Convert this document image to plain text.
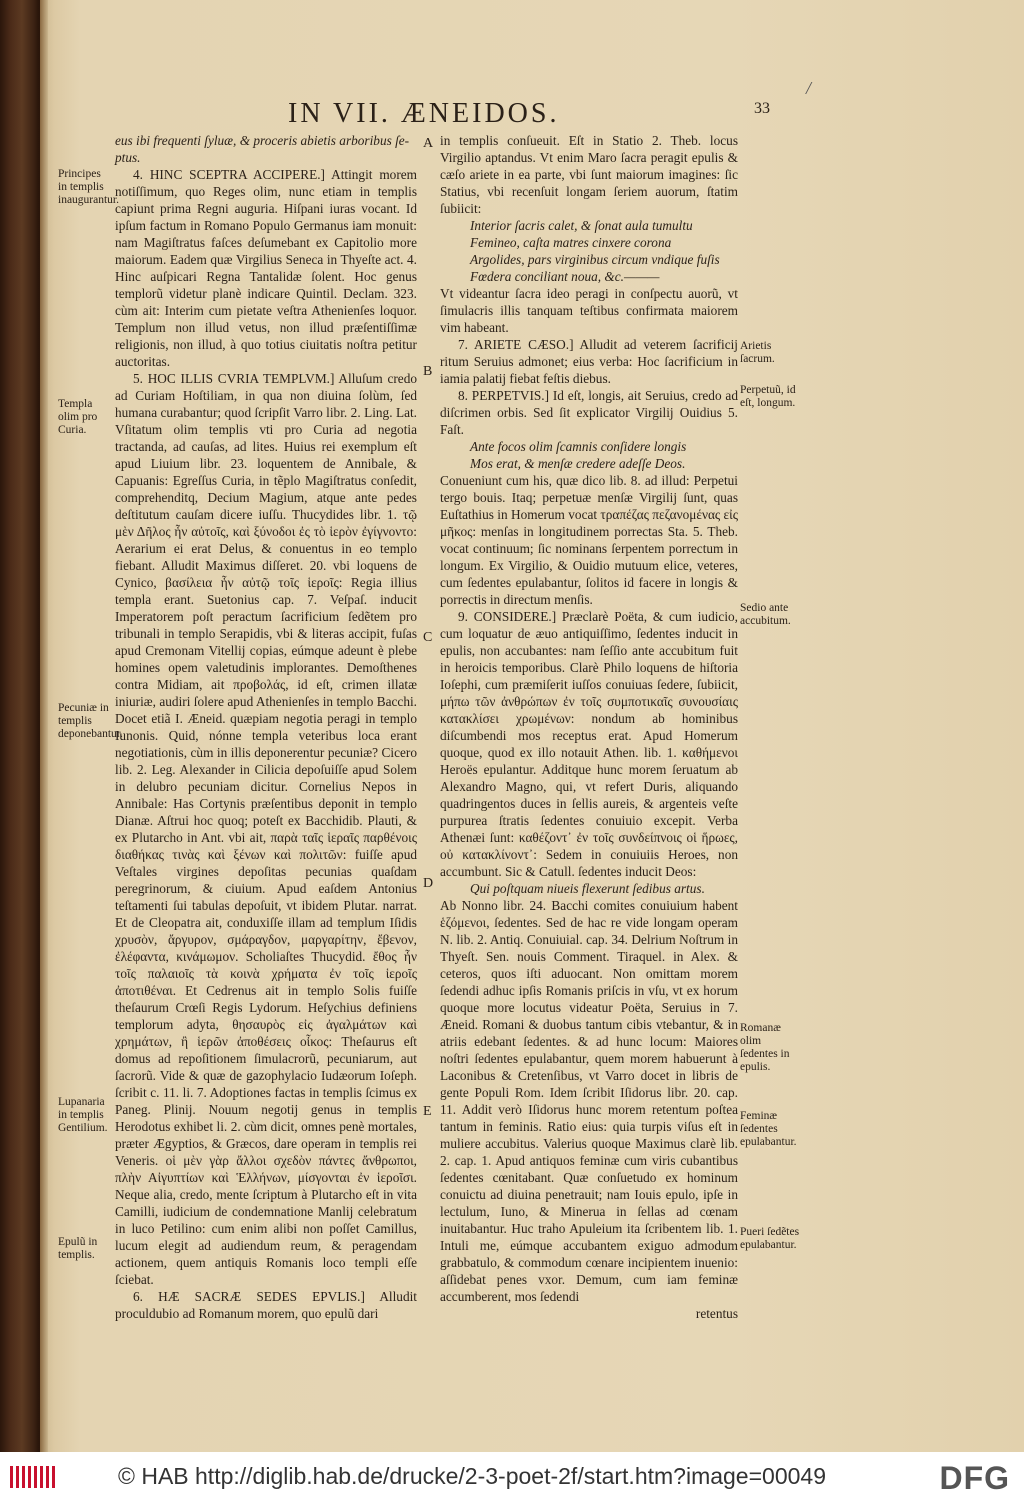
IN VII. ÆNEIDOS.	33
/

eus ibi frequenti ſyluæ, & proceris abietis arboribus ſe-

ptus.

4. HINC SCEPTRA ACCIPERE.] Attingit morem notiſſimum, quo Reges olim, nunc etiam in templis capiunt prima Regni auguria. Hiſpani iuras vocant. Id ipſum factum in Romano Populo Germanus iam monuit: nam Magiſtratus faſces deſumebant ex Capitolio more maiorum. Eadem quæ Virgilius Seneca in Thyeſte act. 4. Hinc auſpicari Regna Tantalidæ ſolent. Hoc genus templorũ videtur planè indicare Quintil. Declam. 323. cùm ait: Interim cum pietate veſtra Athenienſes loquor. Templum non illud vetus, non illud præſentiſſimæ religionis, non illud, à quo totius ciuitatis noſtra petitur auctoritas.

5. HOC ILLIS CVRIA TEMPLVM.] Alluſum credo ad Curiam Hoſtiliam, in qua non diuina ſolùm, ſed humana curabantur; quod ſcripſit Varro libr. 2. Ling. Lat. Vſitatum olim templis vti pro Curia ad negotia tractanda, ad cauſas, ad lites. Huius rei exemplum eſt apud Liuium libr. 23. loquentem de Annibale, & Capuanis: Egreſſus Curia, in tẽplo Magiſtratus conſedit, comprehenditq, Decium Magium, atque ante pedes deſtitutum cauſam dicere iuſſu. Thucydides libr. 1. τῷ μὲν Δῆλος ἦν αὐτοῖς, καὶ ξύνοδοι ἐς τὸ ἱερὸν ἐγίγνοντο: Aerarium ei erat Delus, & conuentus in eo templo fiebant. Alludit Maximus diſſeret. 20. vbi loquens de Cynico, βασίλεια ἦν αὐτῷ τοῖς ἱεροῖς: Regia illius templa erant. Suetonius cap. 7. Veſpaſ. inducit Imperatorem poſt peractum ſacrificium ſedẽtem pro tribunali in templo Serapidis, vbi & literas accipit, fuſas apud Cremonam Vitellij copias, eúmque adeunt è plebe homines opem valetudinis implorantes. Demoſthenes contra Midiam, ait προβολάς, id eſt, crimen illatæ iniuriæ, audiri ſolere apud Athenienſes in templo Bacchi. Docet etiã I. Æneid. quæpiam negotia peragi in templo Iunonis. Quid, nónne templa veteribus loca erant negotiationis, cùm in illis deponerentur pecuniæ? Cicero lib. 2. Leg. Alexander in Cilicia depoſuiſſe apud Solem in delubro pecuniam dicitur. Cornelius Nepos in Annibale: Has Cortynis præſentibus deponit in templo Dianæ. Aſtrui hoc quoq; poteſt ex Bacchidib. Plauti, & ex Plutarcho in Ant. vbi ait, παρὰ ταῖς ἱεραῖς παρθένοις διαθήκας τινὰς καὶ ξένων καὶ πολιτῶν: fuiſſe apud Veſtales virgines depoſitas pecunias quaſdam peregrinorum, & ciuium. Apud eaſdem Antonius teſtamenti ſui tabulas depoſuit, vt ibidem Plutar. narrat. Et de Cleopatra ait, conduxiſſe illam ad templum Iſidis χρυσὸν, ἄργυρον, σμάραγδον, μαργαρίτην, ἔβενον, ἐλέφαντα, κινάμωμον. Scholiaſtes Thucydid. ἔθος ἦν τοῖς παλαιοῖς τὰ κοινὰ χρήματα ἐν τοῖς ἱεροῖς ἀποτιθέναι. Et Cedrenus ait in templo Solis fuiſſe theſaurum Crœſi Regis Lydorum. Heſychius definiens templorum adyta, θησαυρὸς εἰς ἀγαλμάτων καὶ χρημάτων, ἢ ἱερῶν ἀποθέσεις οἶκος: Theſaurus eſt domus ad repoſitionem ſimulacrorũ, pecuniarum, aut ſacrorũ. Vide & quæ de gazophylacio Iudæorum Ioſeph. ſcribit c. 11. li. 7. Adoptiones factas in templis ſcimus ex Paneg. Plinij. Nouum negotij genus in templis Herodotus exhibet li. 2. cùm dicit, omnes penè mortales, præter Ægyptios, & Græcos, dare operam in templis rei Veneris. οἱ μὲν γὰρ ἄλλοι σχεδὸν πάντες ἄνθρωποι, πλὴν Αἰγυπτίων καὶ Ἑλλήνων, μίσγονται ἐν ἱεροῖσι. Neque alia, credo, mente ſcriptum à Plutarcho eſt in vita Camilli, iudicium de condemnatione Manlij celebratum in luco Petilino: cum enim alibi non poſſet Camillus, lucum elegit ad audiendum reum, & peragendam actionem, quem antiquis Romanis loco templi eſſe ſciebat.

6. HÆ SACRÆ SEDES EPVLIS.] Alludit proculdubio ad Romanum morem, quo epulũ dari

in templis conſueuit. Eſt in Statio 2. Theb. locus Virgilio aptandus. Vt enim Maro ſacra peragit epulis & cæſo ariete in ea parte, vbi ſunt maiorum imagines: ſic Statius, vbi recenſuit longam ſeriem auorum, ſtatim ſubiicit:

Interior ſacris calet, & ſonat aula tumultu

Femineo, caſta matres cinxere corona

Argolides, pars virginibus circum vndique fuſis

Fœdera conciliant noua, &c.———

Vt videantur ſacra ideo peragi in conſpectu auorũ, vt ſimulacris illis tanquam teſtibus confirmata maiorem vim habeant.

7. ARIETE CÆSO.] Alludit ad veterem ſacrificij ritum Seruius admonet; eius verba: Hoc ſacrificium in iamia palatij fiebat feſtis diebus.

8. PERPETVIS.] Id eſt, longis, ait Seruius, credo ad diſcrimen orbis. Sed ſit explicator Virgilij Ouidius 5. Faſt.

Ante focos olim ſcamnis conſidere longis

Mos erat, & menſæ credere adeſſe Deos.

Conueniunt cum his, quæ dico lib. 8. ad illud: Perpetui tergo bouis. Itaq; perpetuæ menſæ Virgilij ſunt, quas Euſtathius in Homerum vocat τραπέζας πεζανομένας εἰς μῆκος: menſas in longitudinem porrectas Sta. 5. Theb. vocat continuum; ſic nominans ſerpentem porrectum in longum. Ex Virgilio, & Ouidio mutuum elice, veteres, cum ſedentes epulabantur, ſolitos id facere in longis & porrectis in directum menſis.

9. CONSIDERE.] Præclarè Poëta, & cum iudicio, cum loquatur de æuo antiquiſſimo, ſedentes inducit in epulis, non accubantes: nam ſeſſio ante accubitum fuit in heroicis temporibus. Clarè Philo loquens de hiſtoria Ioſephi, cum præmiſerit iuſſos conuiuas ſedere, ſubiicit, μήπω τῶν ἀνθρώπων ἐν τοῖς συμποτικαῖς συνουσίαις κατακλίσει χρωμένων: nondum ab hominibus diſcumbendi mos receptus erat. Apud Homerum quoque, quod ex illo notauit Athen. lib. 1. καθήμενοι Heroës epulantur. Additque hunc morem ſeruatum ab Alexandro Magno, qui, vt refert Duris, aliquando quadringentos duces in ſellis aureis, & argenteis veſte purpurea ſtratis ſedentes conuiuio excepit. Verba Athenæi ſunt: καθέζοντ᾽ ἐν τοῖς συνδείπνοις οἱ ἥρωες, οὐ κατακλίνοντ᾽: Sedem in conuiuiis Heroes, non accumbunt. Sic & Catull. ſedentes inducit Deos:

Qui poſtquam niueis flexerunt ſedibus artus.

Ab Nonno libr. 24. Bacchi comites conuiuium habent ἑζόμενοι, ſedentes. Sed de hac re vide longam operam N. lib. 2. Antiq. Conuiuial. cap. 34. Delrium Noſtrum in Thyeſt. Sen. nouis Comment. Tiraquel. in Alex. & ceteros, quos iſti aduocant. Non omittam morem ſedendi adhuc ipſis Romanis priſcis in vſu, vt ex horum quoque more locutus videatur Poëta, Seruius in 7. Æneid. Romani & duobus tantum cibis vtebantur, & in atriis edebant ſedentes. & ad hunc locum: Maiores noſtri ſedentes epulabantur, quem morem habuerunt à Laconibus & Cretenſibus, vt Varro docet in libris de gente Populi Rom. Idem ſcribit Iſidorus libr. 20. cap. 11. Addit verò Iſidorus hunc morem retentum poſtea tantum in feminis. Ratio eius: quia turpis viſus eſt in muliere accubitus. Valerius quoque Maximus clarè lib. 2. cap. 1. Apud antiquos feminæ cum viris cubantibus ſedentes cœnitabant. Quæ conſuetudo ex hominum conuictu ad diuina penetrauit; nam Iouis epulo, ipſe in lectulum, Iuno, & Minerua in ſellas ad cœnam inuitabantur. Huc traho Apuleium ita ſcribentem lib. 1. Intuli me, eúmque accubantem exiguo admodum grabbatulo, & commodum cœnare incipientem inuenio: aſſidebat penes vxor. Demum, cum iam feminæ accumberent, mos ſedendi

retentus

Principes in templis inaugurantur.
Templa olim pro Curia.
Pecuniæ in templis deponebantur.
Lupanaria in templis Gentilium.
Epulũ in templis.
Arietis ſacrum.
Perpetuũ, id eſt, longum.
Sedio ante accubitum.
Romanæ olim ſedentes in epulis.
Feminæ ſedentes epulabantur.
Pueri ſedẽtes epulabantur.
A
B
C
D
E
© HAB http://diglib.hab.de/drucke/2-3-poet-2f/start.htm?image=00049	DFG
